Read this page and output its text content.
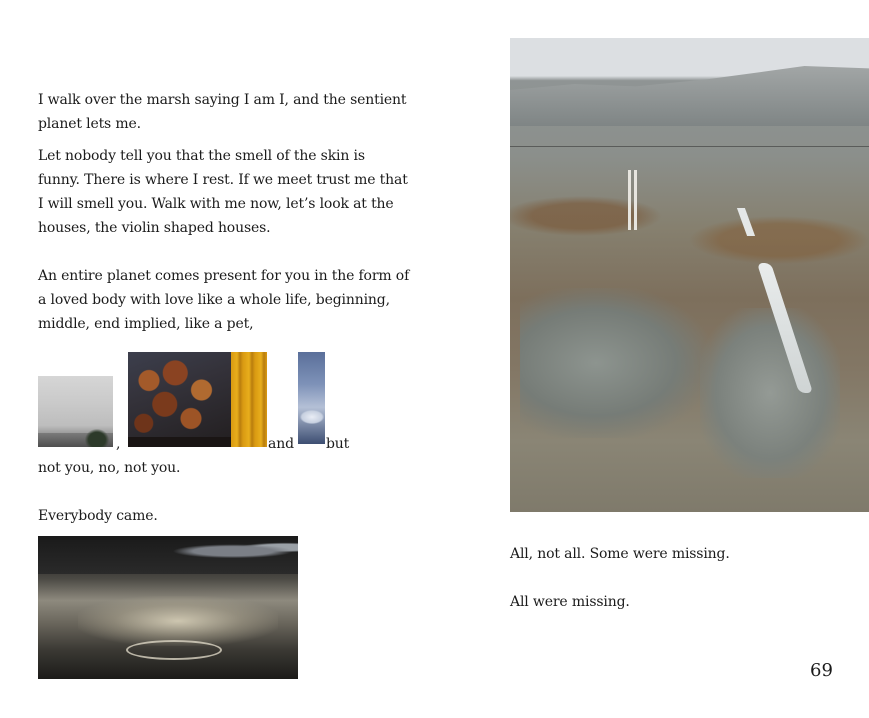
I walk over the marsh saying I am I, and the sentient

planet lets me.

Let nobody tell you that the smell of the skin is

funny. There is where I rest. If we meet trust me that

I will smell you. Walk with me now, let’s look at the

houses, the violin shaped houses.

An entire planet comes present for you in the form of

a loved body with love like a whole life, beginning,

middle, end implied, like a pet,

,	and but

not you, no, not you.

Everybody came.

All, not all. Some were missing.

All were missing.

69
